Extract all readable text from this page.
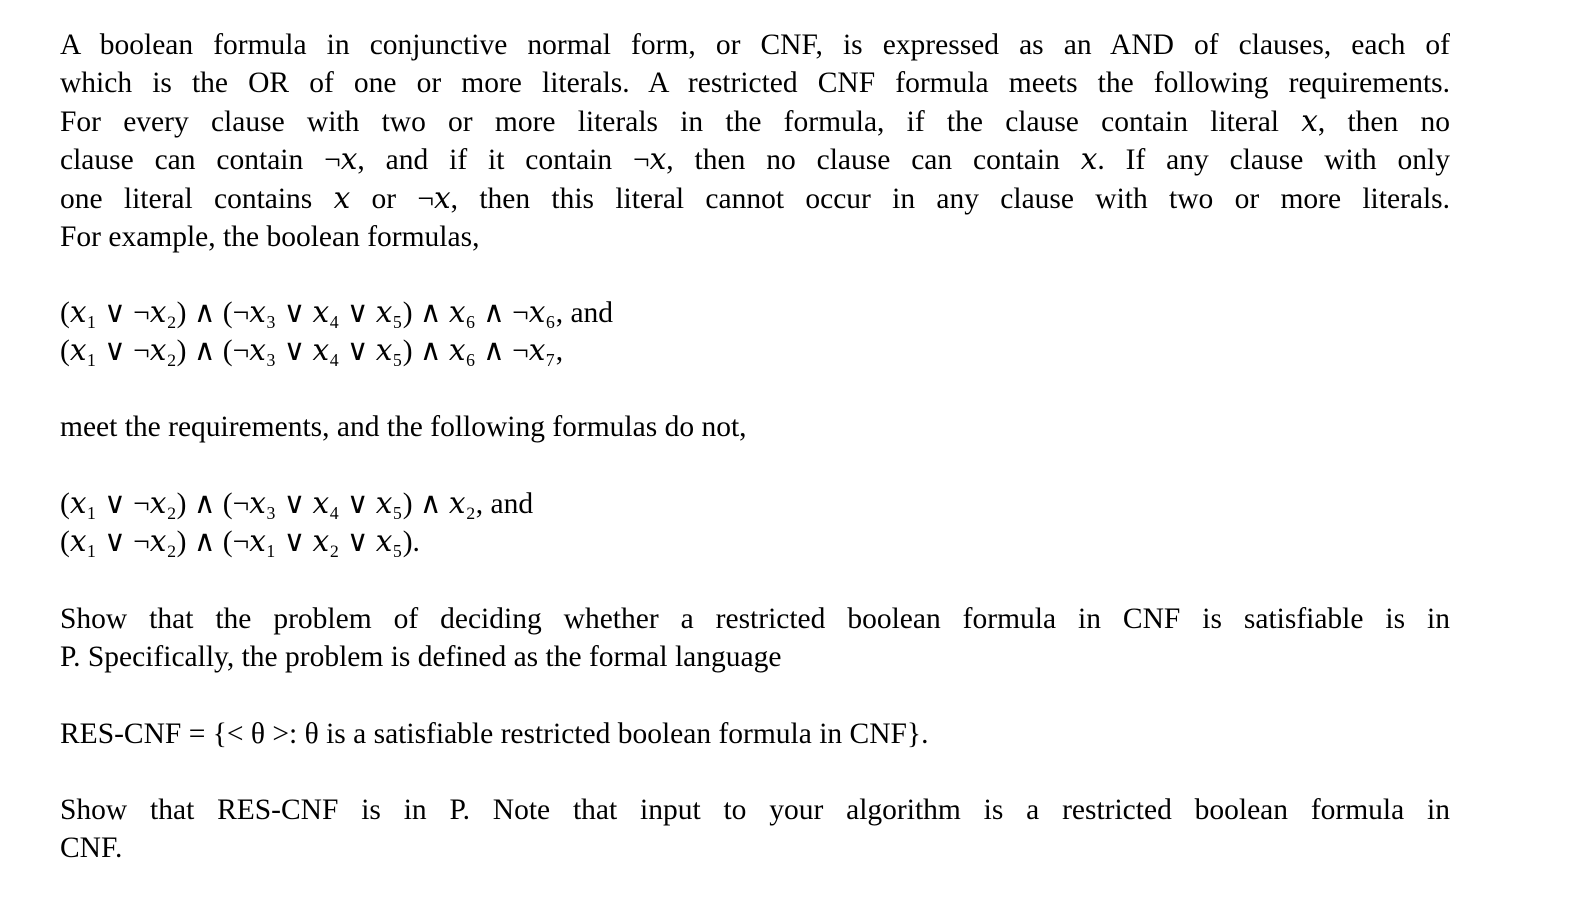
A boolean formula in conjunctive normal form, or CNF, is expressed as an AND of clauses, each of
which is the OR of one or more literals. A restricted CNF formula meets the following requirements.
For every clause with two or more literals in the formula, if the clause contain literal 𝑥, then no
clause can contain ¬𝑥, and if it contain ¬𝑥, then no clause can contain 𝑥. If any clause with only
one literal contains 𝑥 or ¬𝑥, then this literal cannot occur in any clause with two or more literals.
For example, the boolean formulas,
(𝑥₁ ∨ ¬𝑥₂) ∧ (¬𝑥₃ ∨ 𝑥₄ ∨ 𝑥₅) ∧ 𝑥₆ ∧ ¬𝑥₆, and
(𝑥₁ ∨ ¬𝑥₂) ∧ (¬𝑥₃ ∨ 𝑥₄ ∨ 𝑥₅) ∧ 𝑥₆ ∧ ¬𝑥₇,
meet the requirements, and the following formulas do not,
(𝑥₁ ∨ ¬𝑥₂) ∧ (¬𝑥₃ ∨ 𝑥₄ ∨ 𝑥₅) ∧ 𝑥₂, and
(𝑥₁ ∨ ¬𝑥₂) ∧ (¬𝑥₁ ∨ 𝑥₂ ∨ 𝑥₅).
Show that the problem of deciding whether a restricted boolean formula in CNF is satisfiable is in
P. Specifically, the problem is defined as the formal language
RES-CNF = {< θ >: θ is a satisfiable restricted boolean formula in CNF}.
Show that RES-CNF is in P. Note that input to your algorithm is a restricted boolean formula in
CNF.
